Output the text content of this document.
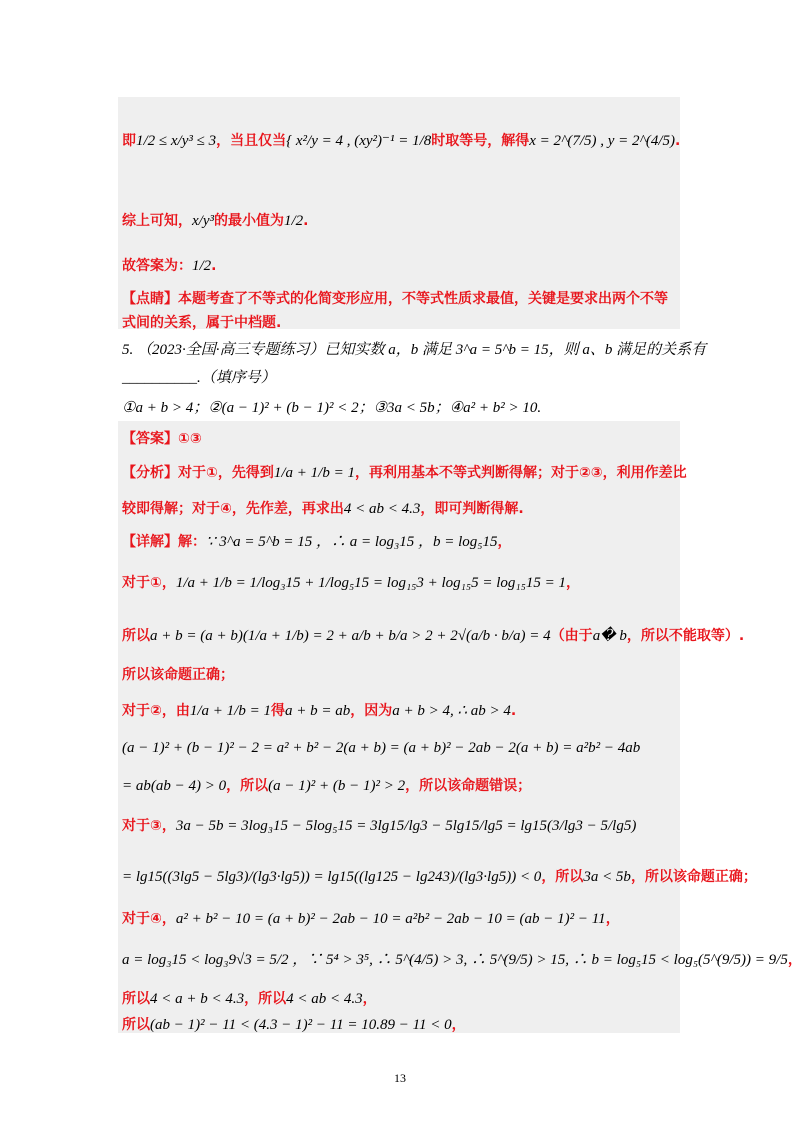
即1/2 ≤ x/y³ ≤ 3，当且仅当{ x²/y = 4 , (xy²)⁻¹ = 1/8时取等号，解得x = 2^(7/5) , y = 2^(4/5).
综上可知，x/y³的最小值为1/2.
故答案为：1/2.
【点睛】本题考查了不等式的化简变形应用，不等式性质求最值，关键是要求出两个不等
式间的关系，属于中档题.
5. （2023·全国·高三专题练习）已知实数 a，b 满足 3^a = 5^b = 15，则 a、b 满足的关系有
__________.（填序号）
①a + b > 4；②(a − 1)² + (b − 1)² < 2；③3a < 5b；④a² + b² > 10.
【答案】①③
【分析】对于①，先得到1/a + 1/b = 1，再利用基本不等式判断得解；对于②③，利用作差比
较即得解；对于④，先作差，再求出4 < ab < 4.3，即可判断得解.
【详解】解：∵ 3^a = 5^b = 15 ，∴ a = log₃15 ，b = log₅15，
对于①，1/a + 1/b = 1/log₃15 + 1/log₅15 = log₁₅3 + log₁₅5 = log₁₅15 = 1，
所以a + b = (a + b)(1/a + 1/b) = 2 + a/b + b/a > 2 + 2√(a/b · b/a) = 4（由于a� b，所以不能取等）.
所以该命题正确；
对于②，由1/a + 1/b = 1得a + b = ab，因为a + b > 4, ∴ ab > 4.
(a − 1)² + (b − 1)² − 2 = a² + b² − 2(a + b) = (a + b)² − 2ab − 2(a + b) = a²b² − 4ab
= ab(ab − 4) > 0，所以(a − 1)² + (b − 1)² > 2，所以该命题错误；
对于③，3a − 5b = 3log₃15 − 5log₅15 = 3lg15/lg3 − 5lg15/lg5 = lg15(3/lg3 − 5/lg5)
= lg15((3lg5 − 5lg3)/(lg3·lg5)) = lg15((lg125 − lg243)/(lg3·lg5)) < 0，所以3a < 5b，所以该命题正确；
对于④，a² + b² − 10 = (a + b)² − 2ab − 10 = a²b² − 2ab − 10 = (ab − 1)² − 11，
a = log₃15 < log₃9√3 = 5/2 ，∵ 5⁴ > 3⁵, ∴ 5^(4/5) > 3, ∴ 5^(9/5) > 15, ∴ b = log₅15 < log₅(5^(9/5)) = 9/5，
所以4 < a + b < 4.3，所以4 < ab < 4.3，
所以(ab − 1)² − 11 < (4.3 − 1)² − 11 = 10.89 − 11 < 0，
13
